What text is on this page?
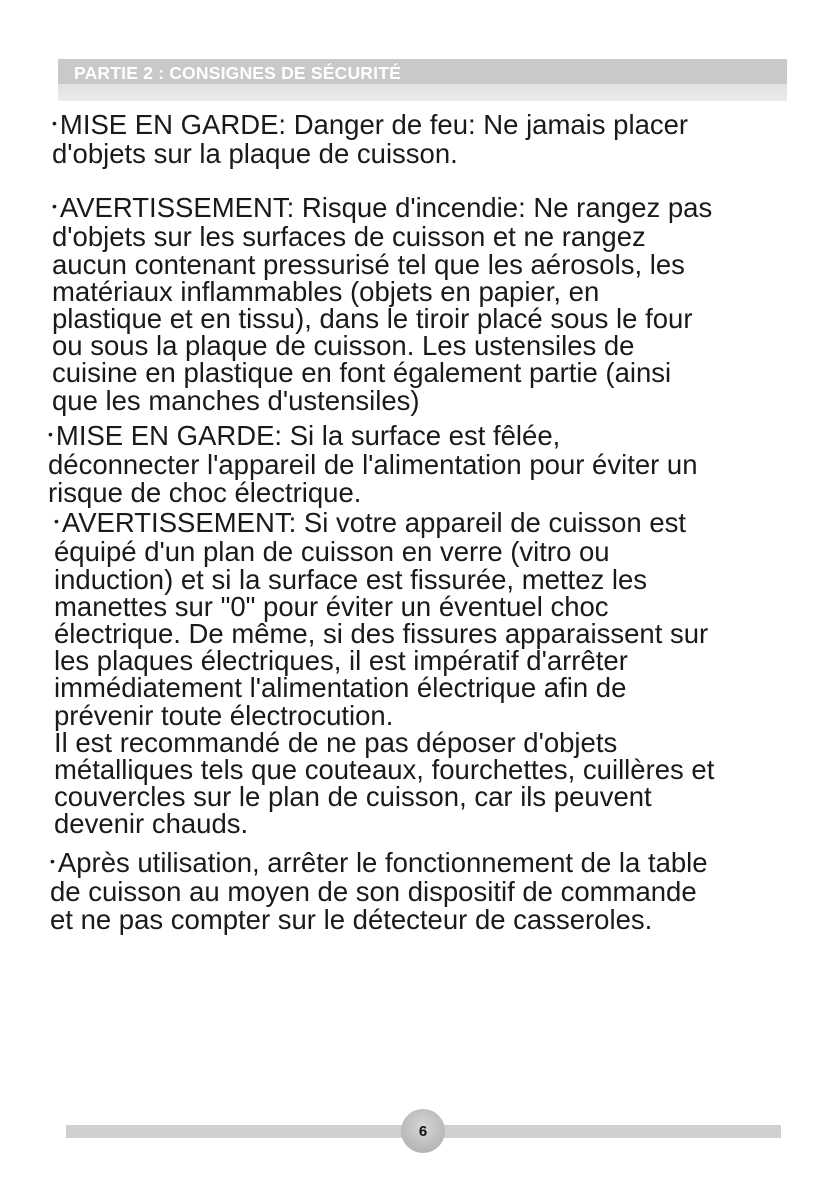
PARTIE 2 : CONSIGNES DE SÉCURITÉ

• MISE EN GARDE: Danger de feu: Ne jamais placer
d'objets sur la plaque de cuisson.

• AVERTISSEMENT: Risque d'incendie: Ne rangez pas
d'objets sur les surfaces de cuisson et ne rangez
aucun contenant pressurisé tel que les aérosols, les
matériaux inflammables (objets en papier, en
plastique et en tissu), dans le tiroir placé sous le four
ou sous la plaque de cuisson. Les ustensiles de
cuisine en plastique en font également partie (ainsi
que les manches d'ustensiles)

• MISE EN GARDE: Si la surface est fêlée,
déconnecter l'appareil de l'alimentation pour éviter un
risque de choc électrique.

• AVERTISSEMENT: Si votre appareil de cuisson est
équipé d'un plan de cuisson en verre (vitro ou
induction) et si la surface est fissurée, mettez les
manettes sur "0" pour éviter un éventuel choc
électrique. De même, si des fissures apparaissent sur
les plaques électriques, il est impératif d'arrêter
immédiatement l'alimentation électrique afin de
prévenir toute électrocution.
Il est recommandé de ne pas déposer d'objets
métalliques tels que couteaux, fourchettes, cuillères et
couvercles sur le plan de cuisson, car ils peuvent
devenir chauds.

• Après utilisation, arrêter le fonctionnement de la table
de cuisson au moyen de son dispositif de commande
et ne pas compter sur le détecteur de casseroles.

6
